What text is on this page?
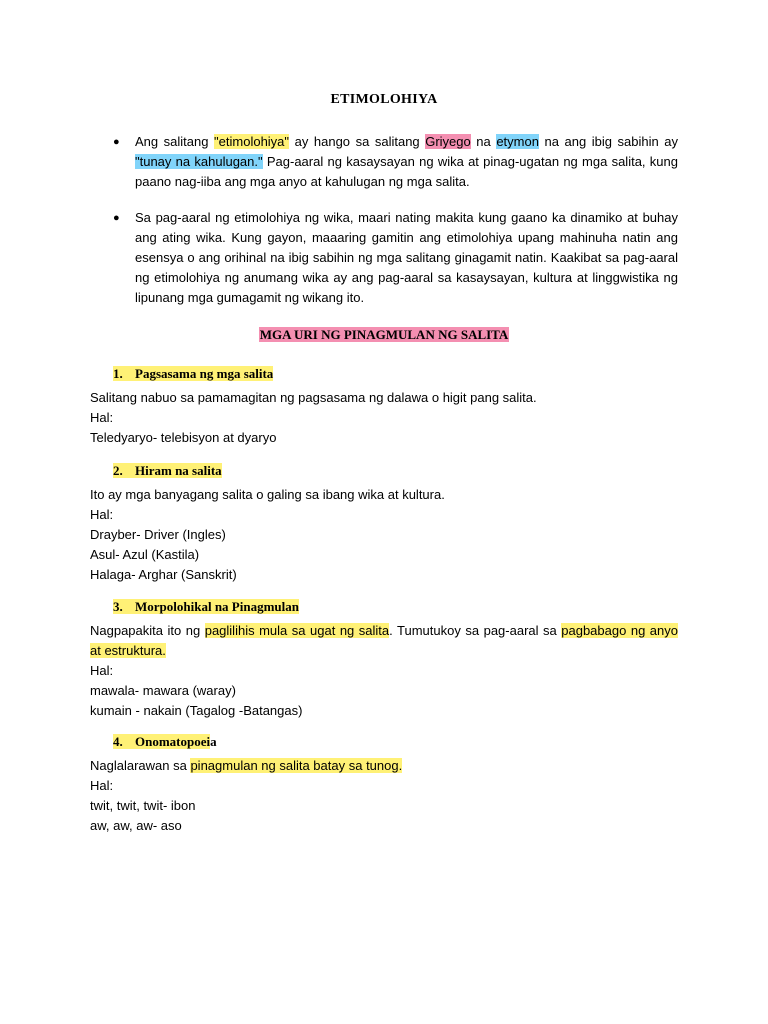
ETIMOLOHIYA
● Ang salitang "etimolohiya" ay hango sa salitang Griyego na etymon na ang ibig sabihin ay "tunay na kahulugan." Pag-aaral ng kasaysayan ng wika at pinag-ugatan ng mga salita, kung paano nag-iiba ang mga anyo at kahulugan ng mga salita.

● Sa pag-aaral ng etimolohiya ng wika, maari nating makita kung gaano ka dinamiko at buhay ang ating wika. Kung gayon, maaaring gamitin ang etimolohiya upang mahinuha natin ang esensya o ang orihinal na ibig sabihin ng mga salitang ginagamit natin. Kaakibat sa pag-aaral ng etimolohiya ng anumang wika ay ang pag-aaral sa kasaysayan, kultura at linggwistika ng lipunang mga gumagamit ng wikang ito.

MGA URI NG PINAGMULAN NG SALITA
1. Pagsasama ng mga salita
Salitang nabuo sa pamamagitan ng pagsasama ng dalawa o higit pang salita.
Hal:
Teledyaryo- telebisyon at dyaryo
2. Hiram na salita
Ito ay mga banyagang salita o galing sa ibang wika at kultura.
Hal:
Drayber- Driver (Ingles)
Asul- Azul (Kastila)
Halaga- Arghar (Sanskrit)
3. Morpolohikal na Pinagmulan
Nagpapakita ito ng paglilihis mula sa ugat ng salita. Tumutukoy sa pag-aaral sa pagbabago ng anyo at estruktura.
Hal:
mawala- mawara (waray)
kumain - nakain (Tagalog -Batangas)
4. Onomatopoeia
Naglalarawan sa pinagmulan ng salita batay sa tunog.
Hal:
twit, twit, twit- ibon
aw, aw, aw- aso
